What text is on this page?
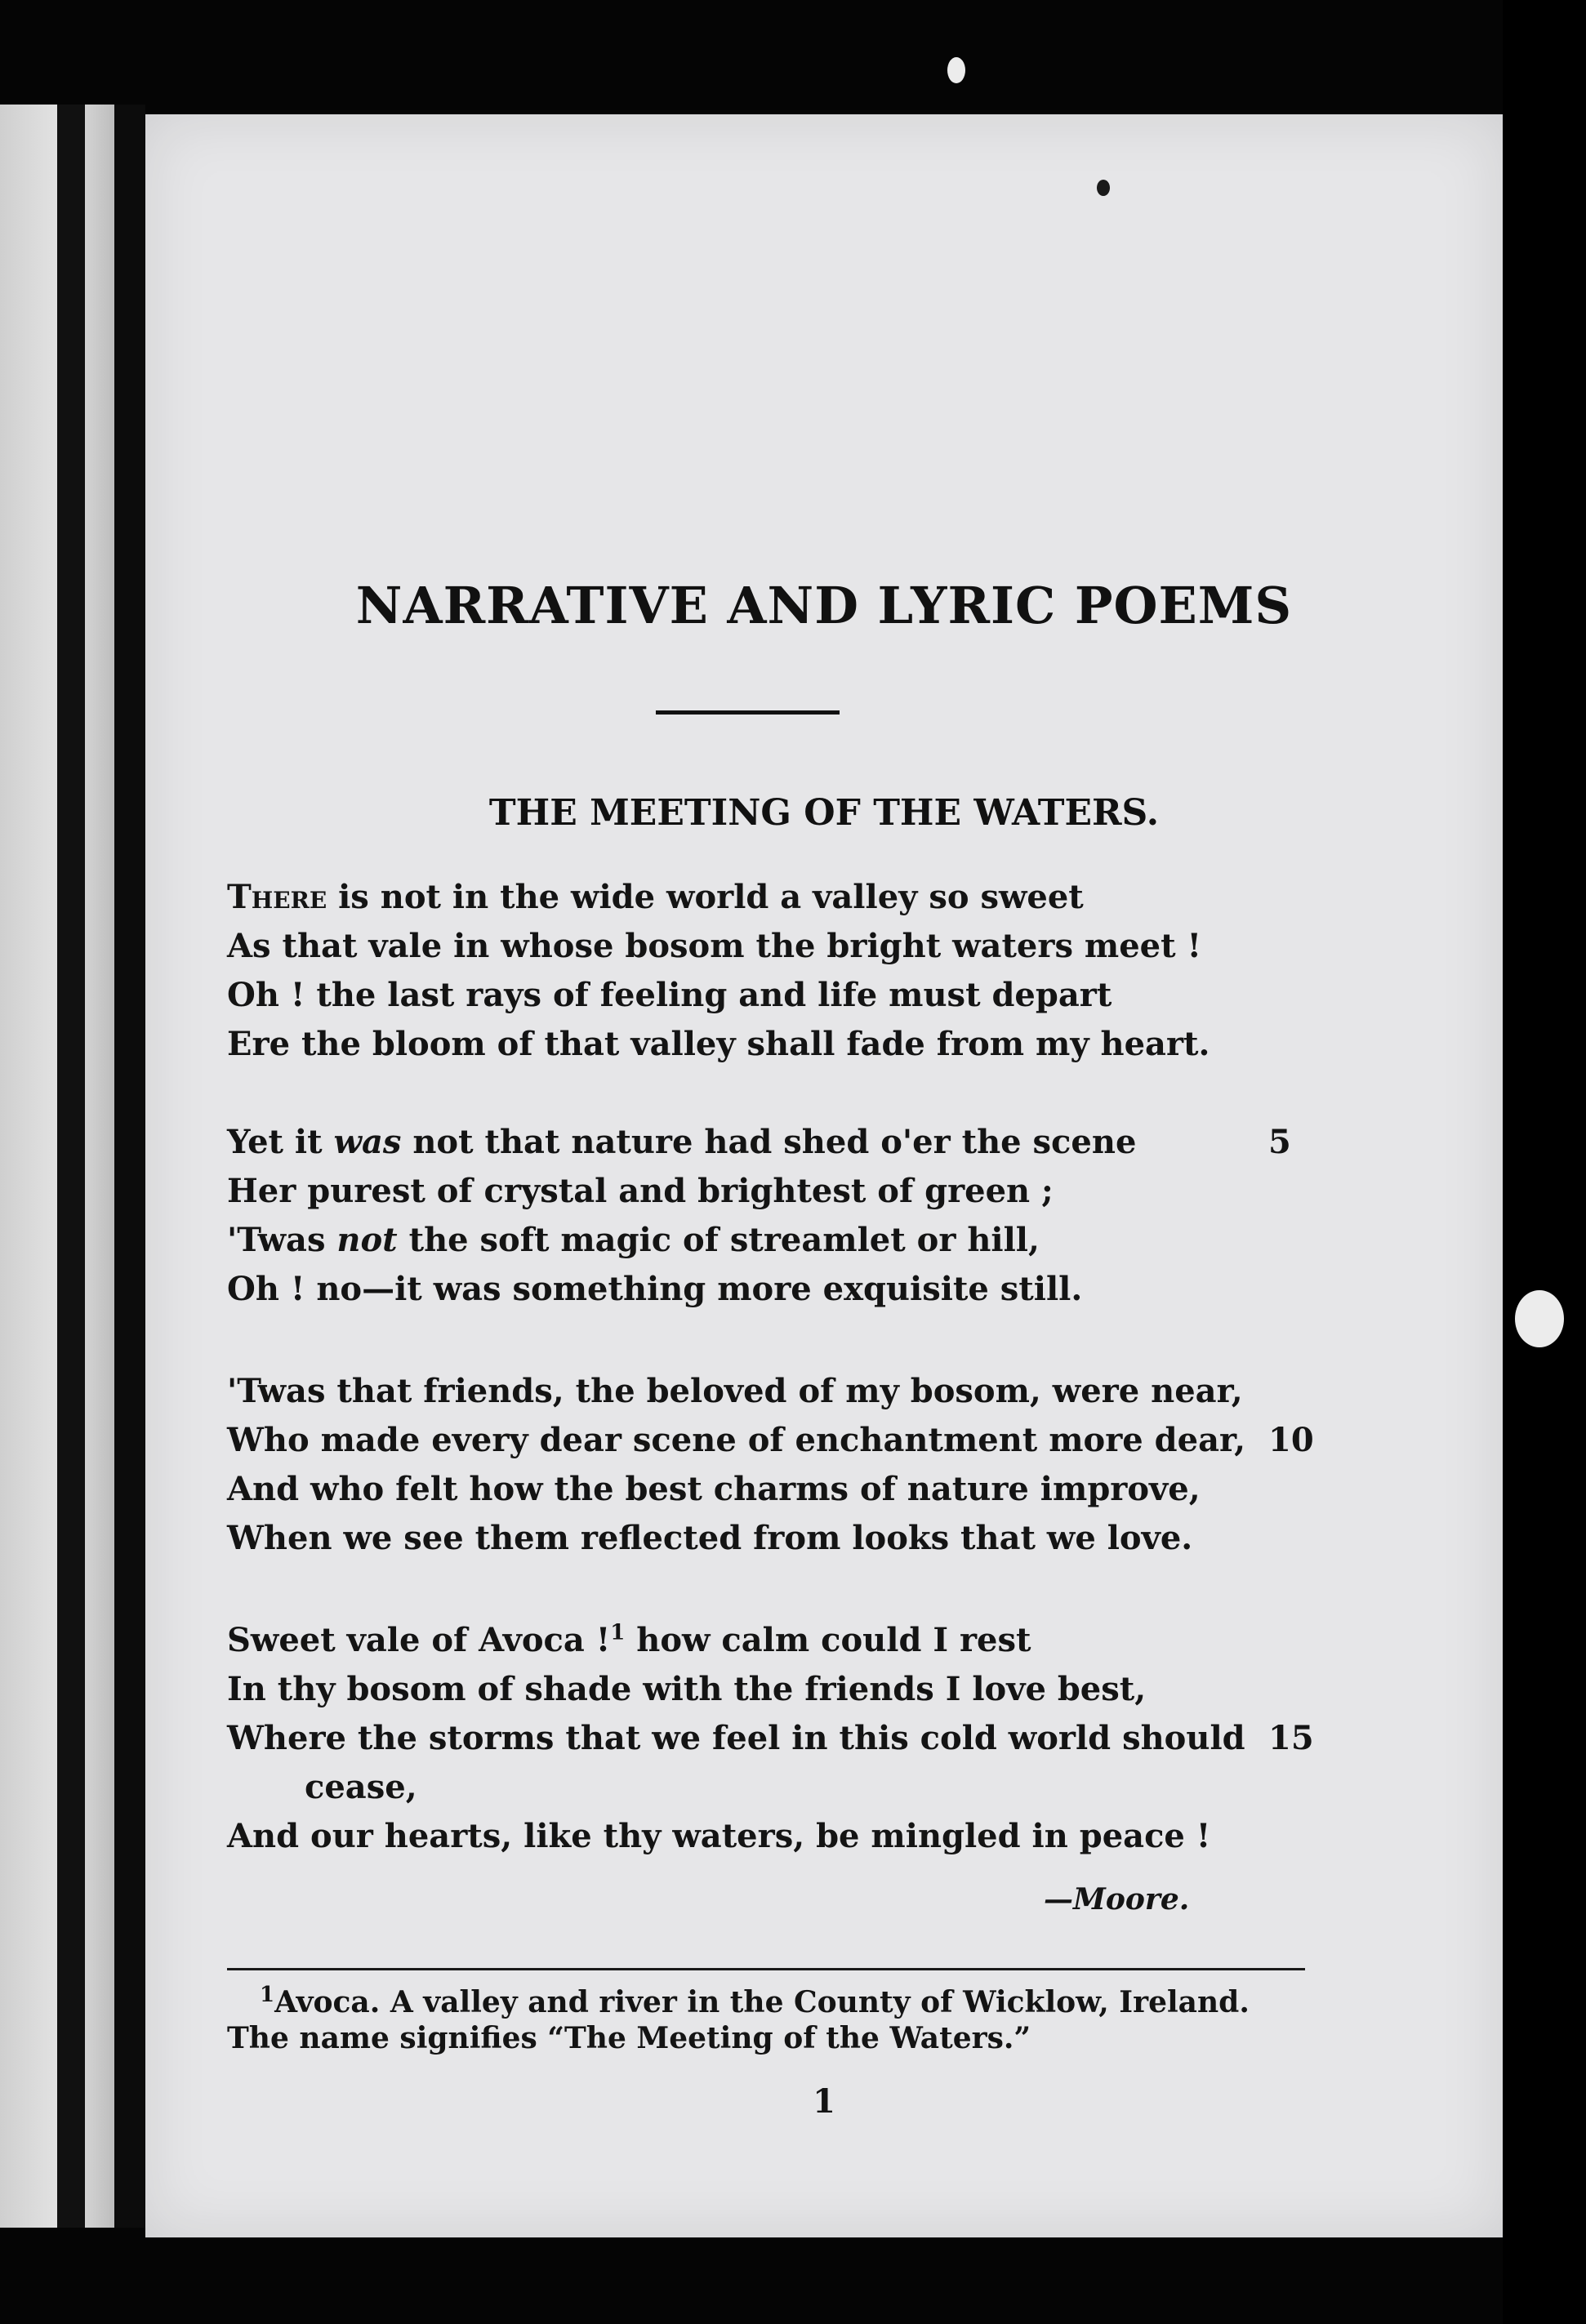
NARRATIVE AND LYRIC POEMS
THE MEETING OF THE WATERS.

There is not in the wide world a valley so sweet

As that vale in whose bosom the bright waters meet !

Oh ! the last rays of feeling and life must depart

Ere the bloom of that valley shall fade from my heart.

Yet it was not that nature had shed o'er the scene	5

Her purest of crystal and brightest of green ;

'Twas not the soft magic of streamlet or hill,

Oh ! no—it was something more exquisite still.

'Twas that friends, the beloved of my bosom, were near,

Who made every dear scene of enchantment more dear, 10

And who felt how the best charms of nature improve,

When we see them reflected from looks that we love.

Sweet vale of Avoca !$^1$ how calm could I rest

In thy bosom of shade with the friends I love best,

Where the storms that we feel in this cold world should 15

cease,

And our hearts, like thy waters, be mingled in peace !

—Moore.

$^1$Avoca. A valley and river in the County of Wicklow, Ireland.
The name signifies “The Meeting of the Waters.”

1
